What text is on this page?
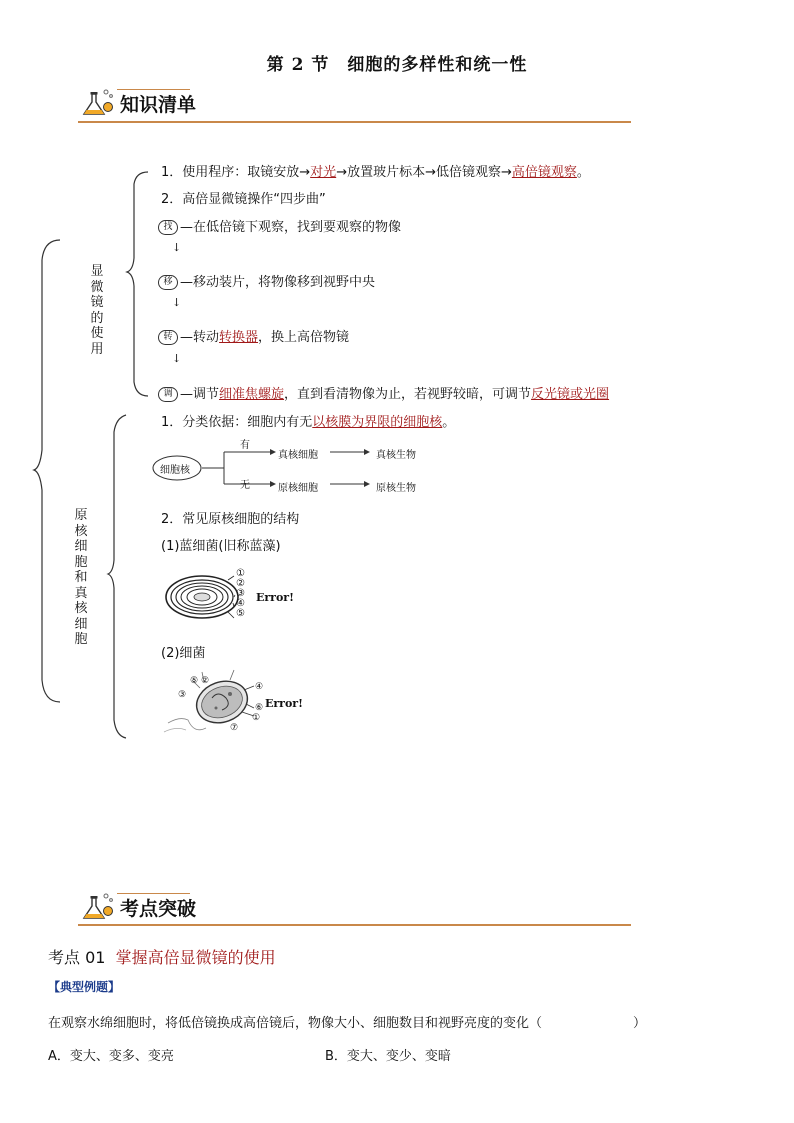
第 2 节　细胞的多样性和统一性
知识清单
显微镜的使用
1．使用程序：取镜安放→对光→放置玻片标本→低倍镜观察→高倍镜观察。
2．高倍显微镜操作“四步曲”
找 —在低倍镜下观察，找到要观察的物像
↓
移 —移动装片，将物像移到视野中央
↓
转 —转动转换器，换上高倍物镜
↓
调 —调节细准焦螺旋，直到看清物像为止，若视野较暗，可调节反光镜或光圈
原核细胞和真核细胞
1．分类依据：细胞内有无以核膜为界限的细胞核。
细胞核
有
无
真核细胞	真核生物
原核细胞	原核生物
2．常见原核细胞的结构
(1)蓝细菌(旧称蓝藻)
①
②
③
④
⑤
Error!
(2)细菌
⑤ ②
③
④
⑥
①
⑦
Error!
考点突破
考点 01 掌握高倍显微镜的使用
【典型例题】
在观察水绵细胞时，将低倍镜换成高倍镜后，物像大小、细胞数目和视野亮度的变化（　　　　　　　）
A．变大、变多、变亮	B．变大、变少、变暗
